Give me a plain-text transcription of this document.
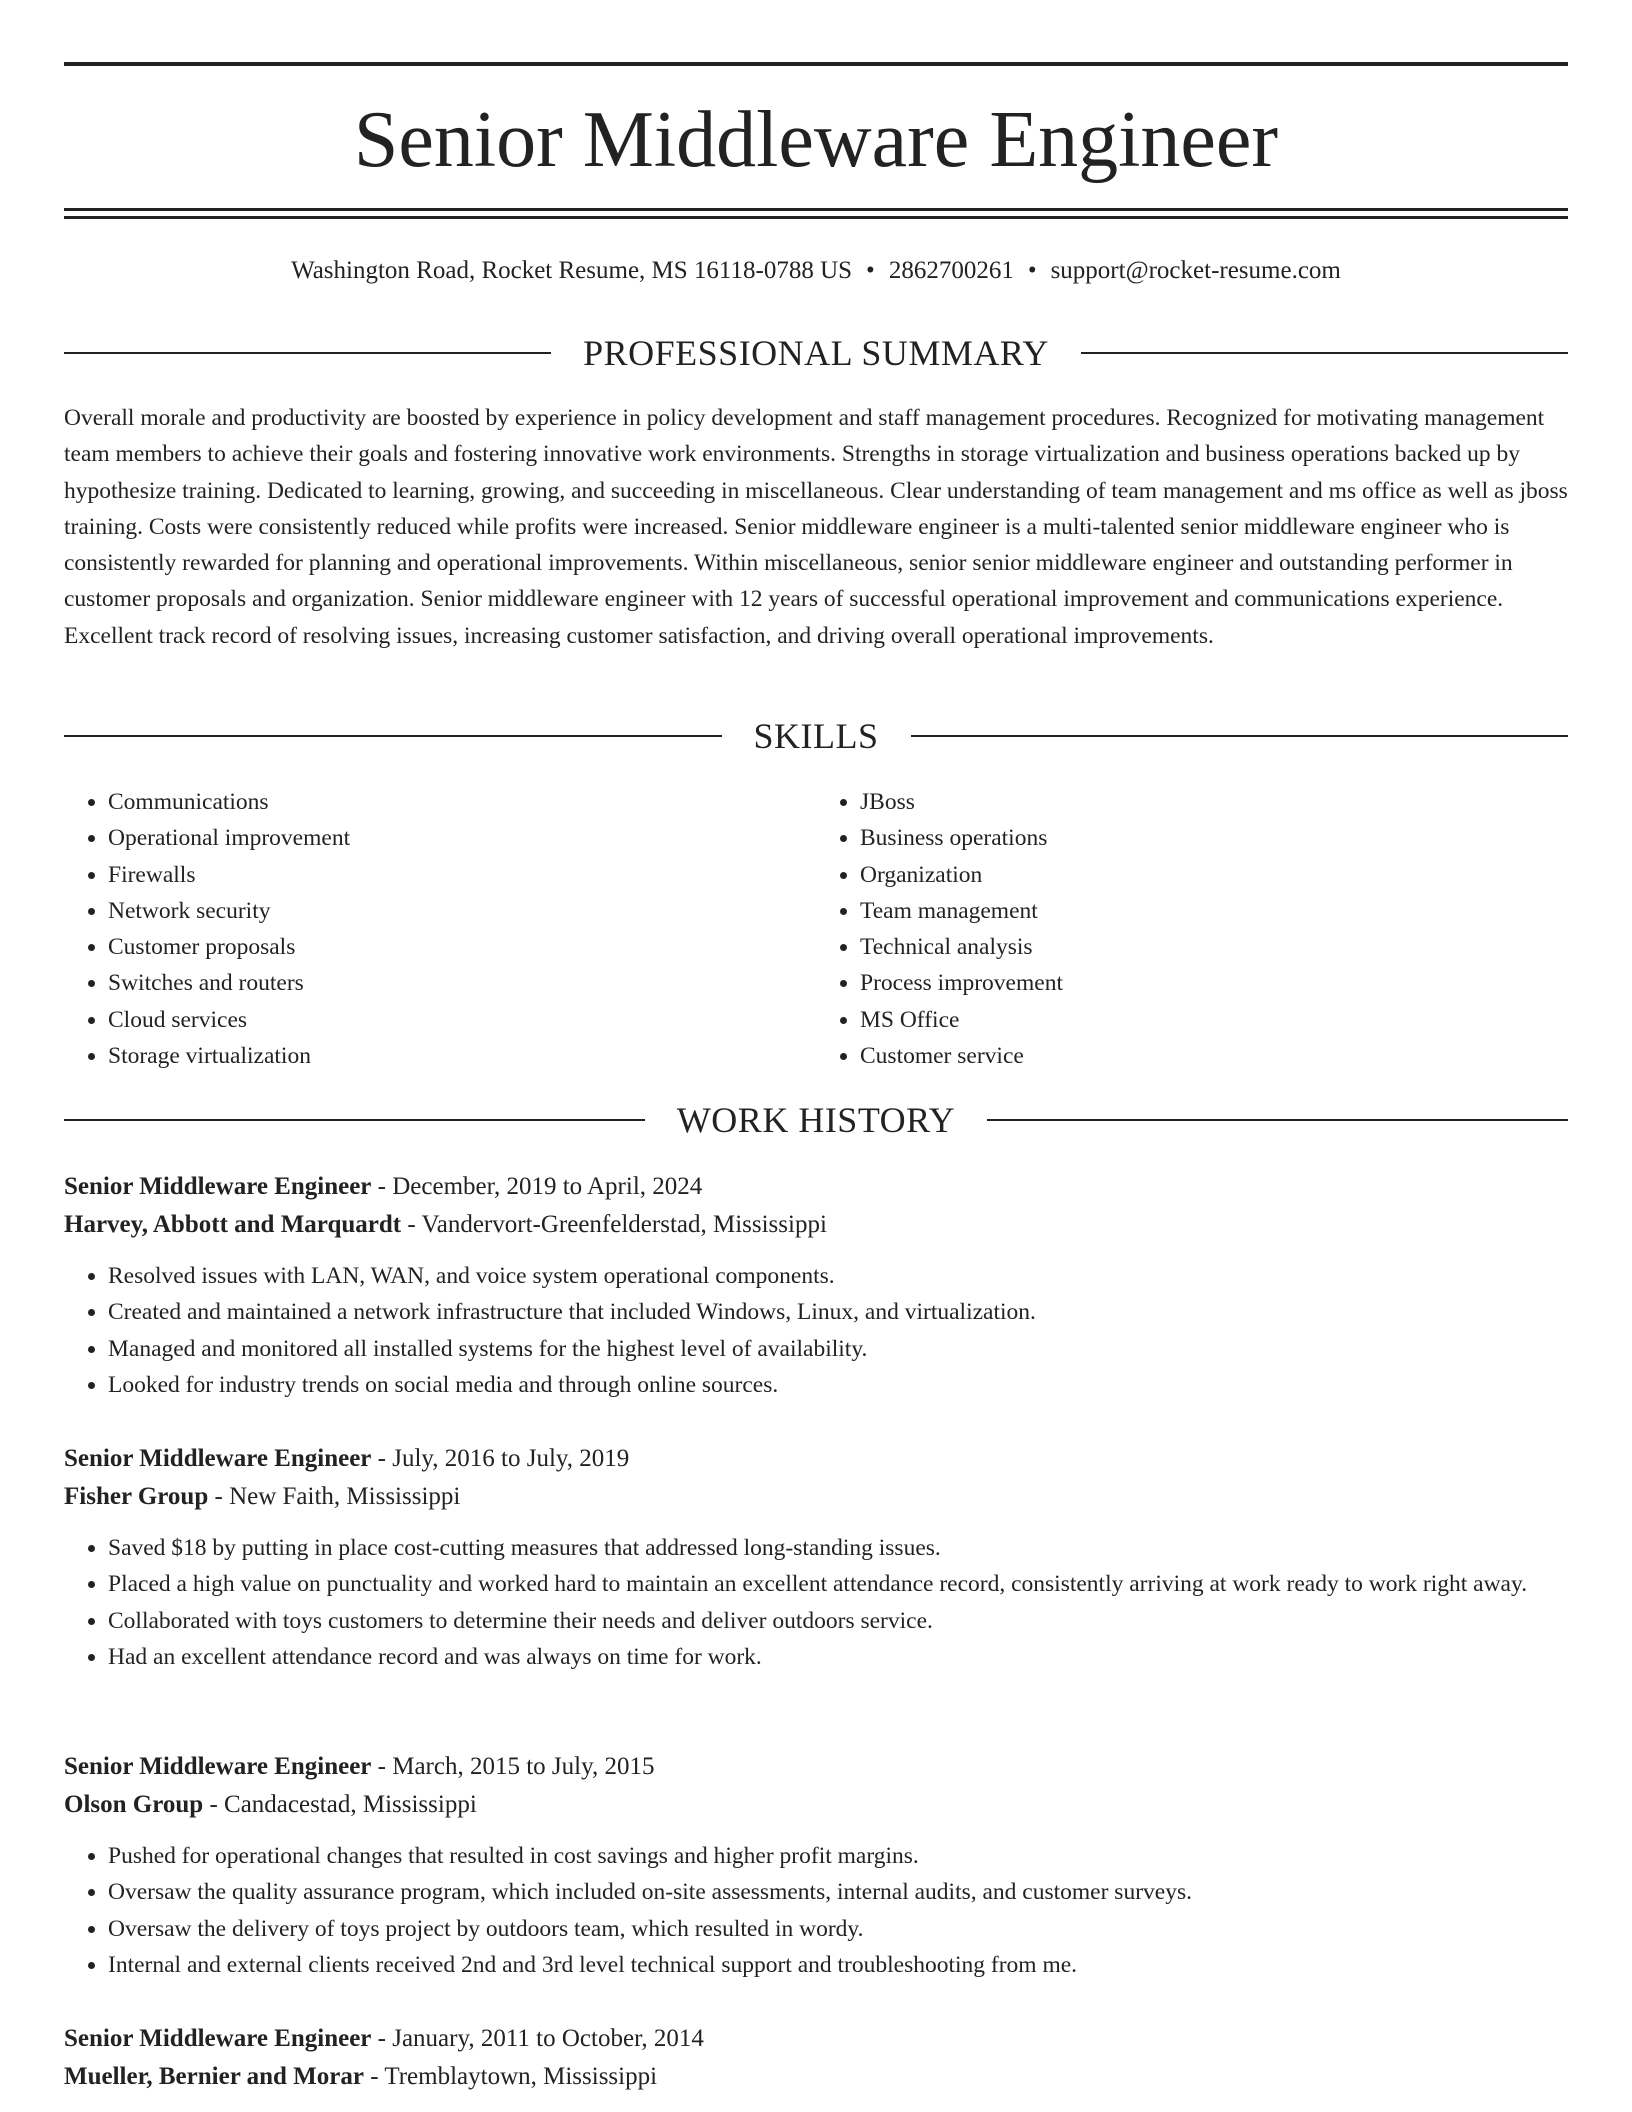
Senior Middleware Engineer
Washington Road, Rocket Resume, MS 16118-0788 US • 2862700261 • support@rocket-resume.com
PROFESSIONAL SUMMARY

Overall morale and productivity are boosted by experience in policy development and staff management procedures. Recognized for motivating management team members to achieve their goals and fostering innovative work environments. Strengths in storage virtualization and business operations backed up by hypothesize training. Dedicated to learning, growing, and succeeding in miscellaneous. Clear understanding of team management and ms office as well as jboss training. Costs were consistently reduced while profits were increased. Senior middleware engineer is a multi-talented senior middleware engineer who is consistently rewarded for planning and operational improvements. Within miscellaneous, senior senior middleware engineer and outstanding performer in customer proposals and organization. Senior middleware engineer with 12 years of successful operational improvement and communications experience. Excellent track record of resolving issues, increasing customer satisfaction, and driving overall operational improvements.

SKILLS
• Communications
• Operational improvement
• Firewalls
• Network security
• Customer proposals
• Switches and routers
• Cloud services
• Storage virtualization
• JBoss
• Business operations
• Organization
• Team management
• Technical analysis
• Process improvement
• MS Office
• Customer service
WORK HISTORY
Senior Middleware Engineer - December, 2019 to April, 2024
Harvey, Abbott and Marquardt - Vandervort-Greenfelderstad, Mississippi
• Resolved issues with LAN, WAN, and voice system operational components.
• Created and maintained a network infrastructure that included Windows, Linux, and virtualization.
• Managed and monitored all installed systems for the highest level of availability.
• Looked for industry trends on social media and through online sources.
Senior Middleware Engineer - July, 2016 to July, 2019
Fisher Group - New Faith, Mississippi
• Saved $18 by putting in place cost-cutting measures that addressed long-standing issues.
• Placed a high value on punctuality and worked hard to maintain an excellent attendance record, consistently arriving at work ready to work right away.
• Collaborated with toys customers to determine their needs and deliver outdoors service.
• Had an excellent attendance record and was always on time for work.
Senior Middleware Engineer - March, 2015 to July, 2015
Olson Group - Candacestad, Mississippi
• Pushed for operational changes that resulted in cost savings and higher profit margins.
• Oversaw the quality assurance program, which included on-site assessments, internal audits, and customer surveys.
• Oversaw the delivery of toys project by outdoors team, which resulted in wordy.
• Internal and external clients received 2nd and 3rd level technical support and troubleshooting from me.
Senior Middleware Engineer - January, 2011 to October, 2014
Mueller, Bernier and Morar - Tremblaytown, Mississippi
